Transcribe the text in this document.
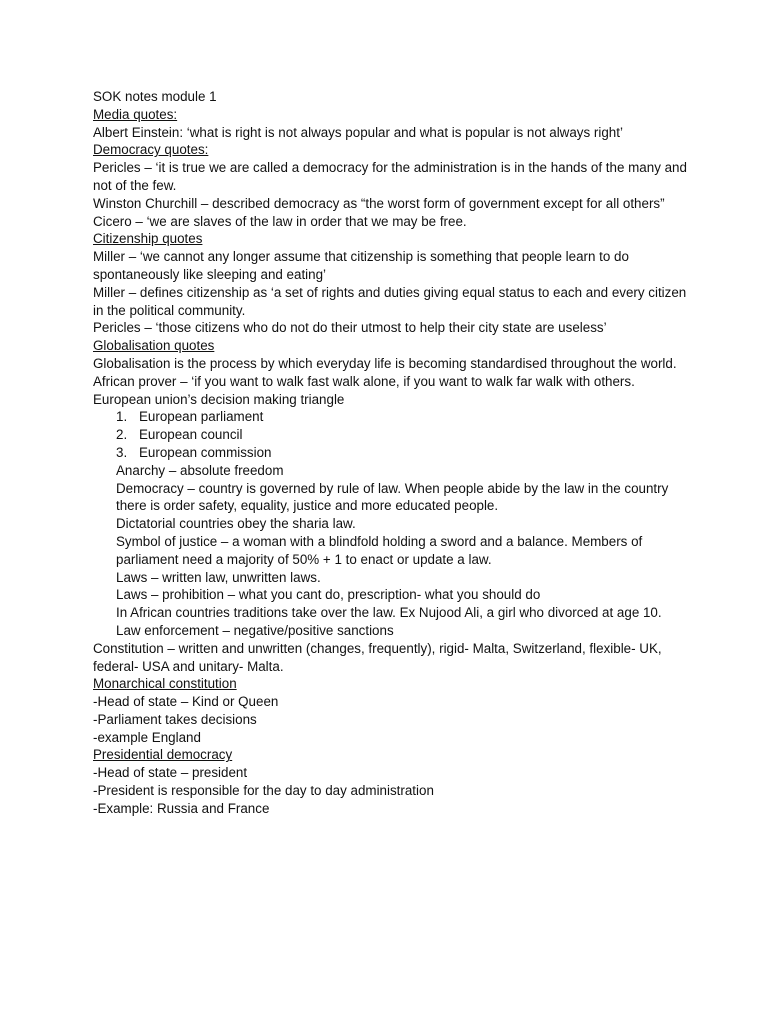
SOK notes module 1

Media quotes:

Albert Einstein: ‘what is right is not always popular and what is popular is not always right’

Democracy quotes:

Pericles – ‘it is true we are called a democracy for the administration is in the hands of the many and not of the few.

Winston Churchill – described democracy as “the worst form of government except for all others”

Cicero – ‘we are slaves of the law in order that we may be free.

Citizenship quotes

Miller – ‘we cannot any longer assume that citizenship is something that people learn to do spontaneously like sleeping and eating’

Miller – defines citizenship as ‘a set of rights and duties giving equal status to each and every citizen in the political community.

Pericles – ‘those citizens who do not do their utmost to help their city state are useless’

Globalisation quotes

Globalisation is the process by which everyday life is becoming standardised throughout the world.

African prover – ‘if you want to walk fast walk alone, if you want to walk far walk with others.

European union’s decision making triangle

1. European parliament

2. European council

3. European commission

Anarchy – absolute freedom

Democracy – country is governed by rule of law. When people abide by the law in the country there is order safety, equality, justice and more educated people.

Dictatorial countries obey the sharia law.

Symbol of justice – a woman with a blindfold holding a sword and a balance. Members of parliament need a majority of 50% + 1 to enact or update a law.

Laws – written law, unwritten laws.

Laws – prohibition – what you cant do, prescription- what you should do

In African countries traditions take over the law. Ex Nujood Ali, a girl who divorced at age 10.

Law enforcement – negative/positive sanctions

Constitution – written and unwritten (changes, frequently), rigid- Malta, Switzerland, flexible- UK, federal- USA and unitary- Malta.

Monarchical constitution

-Head of state – Kind or Queen

-Parliament takes decisions

-example England

Presidential democracy

-Head of state – president

-President is responsible for the day to day administration

-Example: Russia and France
